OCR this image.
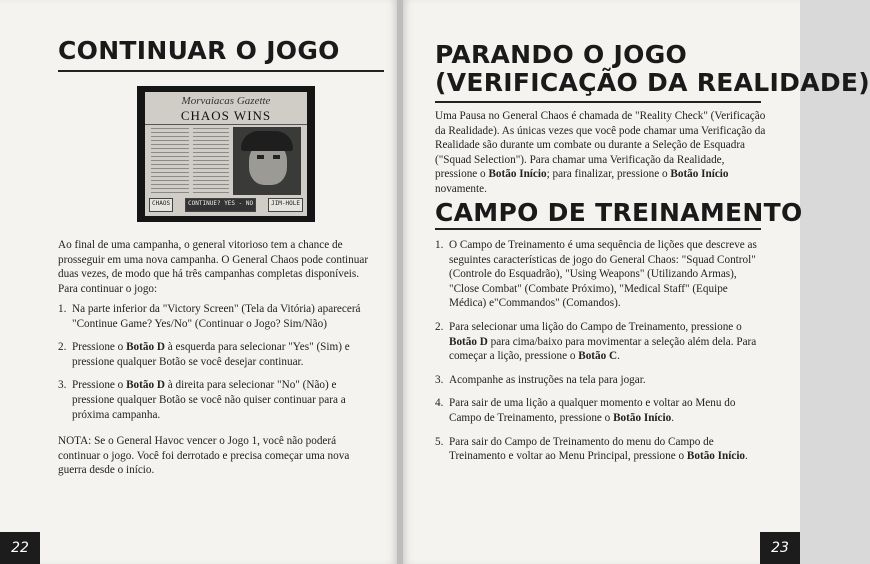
CONTINUAR O JOGO
Morvaiacas Gazette
CHAOS WINS
CHAOS	CONTINUE? YES - NO	JIM-HOLE
Ao final de uma campanha, o general vitorioso tem a chance de prosseguir em uma nova campanha. O General Chaos pode continuar duas vezes, de modo que há três campanhas completas disponíveis. Para continuar o jogo:
1. Na parte inferior da "Victory Screen" (Tela da Vitória) aparecerá "Continue Game? Yes/No" (Continuar o Jogo? Sim/Não)
2. Pressione o Botão D à esquerda para selecionar "Yes" (Sim) e pressione qualquer Botão se você desejar continuar.
3. Pressione o Botão D à direita para selecionar "No" (Não) e pressione qualquer Botão se você não quiser continuar para a próxima campanha.
NOTA: Se o General Havoc vencer o Jogo 1, você não poderá continuar o jogo. Você foi derrotado e precisa começar uma nova guerra desde o início.
22
PARANDO O JOGO
(VERIFICAÇÃO DA REALIDADE)
Uma Pausa no General Chaos é chamada de "Reality Check" (Verificação da Realidade). As únicas vezes que você pode chamar uma Verificação da Realidade são durante um combate ou durante a Seleção de Esquadra ("Squad Selection"). Para chamar uma Verificação da Realidade, pressione o Botão Início; para finalizar, pressione o Botão Início novamente.
CAMPO DE TREINAMENTO
1. O Campo de Treinamento é uma sequência de lições que descreve as seguintes características de jogo do General Chaos: "Squad Control" (Controle do Esquadrão), "Using Weapons" (Utilizando Armas), "Close Combat" (Combate Próximo), "Medical Staff" (Equipe Médica) e"Commandos" (Comandos).
2. Para selecionar uma lição do Campo de Treinamento, pressione o Botão D para cima/baixo para movimentar a seleção além dela. Para começar a lição, pressione o Botão C.
3. Acompanhe as instruções na tela para jogar.
4. Para sair de uma lição a qualquer momento e voltar ao Menu do Campo de Treinamento, pressione o Botão Início.
5. Para sair do Campo de Treinamento do menu do Campo de Treinamento e voltar ao Menu Principal, pressione o Botão Início.
23
